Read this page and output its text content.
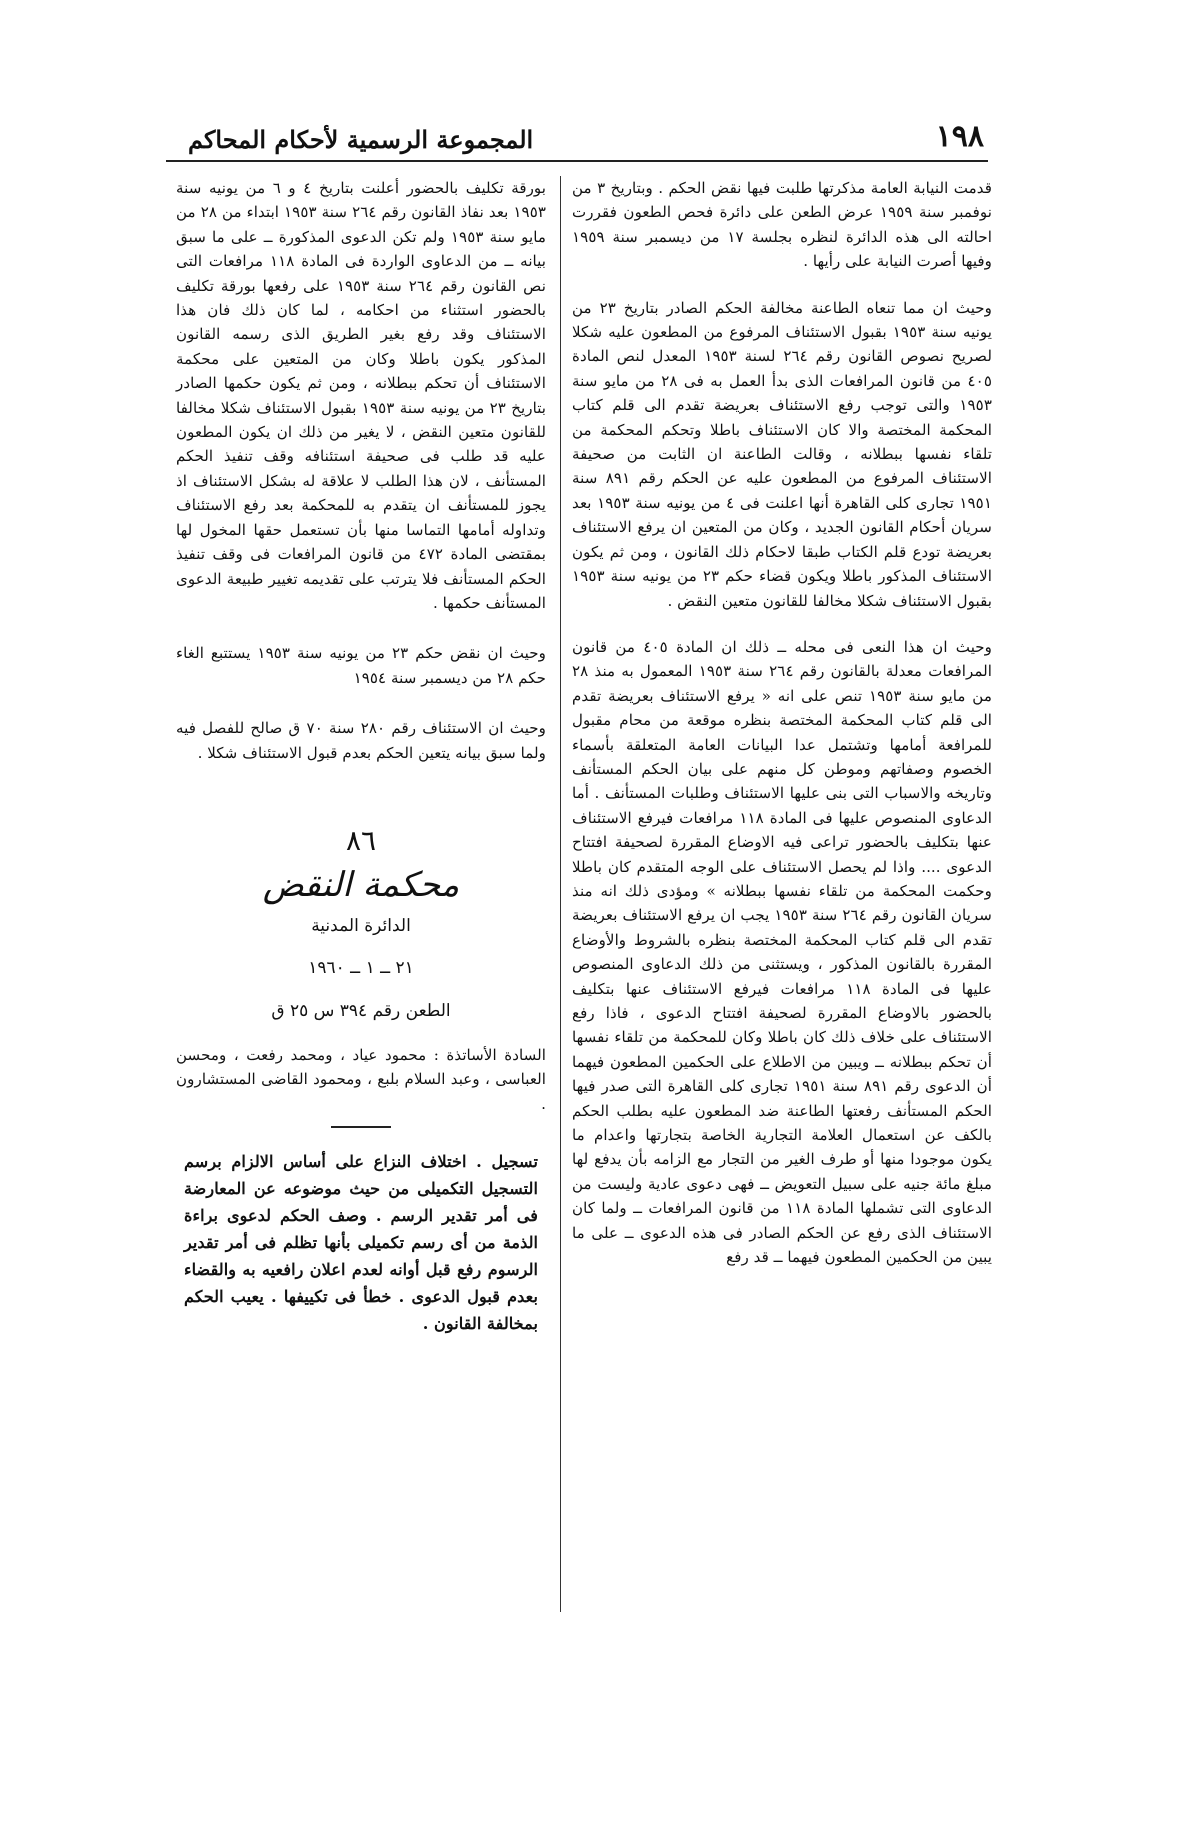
١٩٨
المجموعة الرسمية لأحكام المحاكم

قدمت النيابة العامة مذكرتها طلبت فيها نقض الحكم . وبتاريخ ٣ من نوفمبر سنة ١٩٥٩ عرض الطعن على دائرة فحص الطعون فقررت احالته الى هذه الدائرة لنظره بجلسة ١٧ من ديسمبر سنة ١٩٥٩ وفيها أصرت النيابة على رأيها .

وحيث ان مما تنعاه الطاعنة مخالفة الحكم الصادر بتاريخ ٢٣ من يونيه سنة ١٩٥٣ بقبول الاستئناف المرفوع من المطعون عليه شكلا لصريح نصوص القانون رقم ٢٦٤ لسنة ١٩٥٣ المعدل لنص المادة ٤٠٥ من قانون المرافعات الذى بدأ العمل به فى ٢٨ من مايو سنة ١٩٥٣ والتى توجب رفع الاستئناف بعريضة تقدم الى قلم كتاب المحكمة المختصة والا كان الاستئناف باطلا وتحكم المحكمة من تلقاء نفسها ببطلانه ، وقالت الطاعنة ان الثابت من صحيفة الاستئناف المرفوع من المطعون عليه عن الحكم رقم ٨٩١ سنة ١٩٥١ تجارى كلى القاهرة أنها اعلنت فى ٤ من يونيه سنة ١٩٥٣ بعد سريان أحكام القانون الجديد ، وكان من المتعين ان يرفع الاستئناف بعريضة تودع قلم الكتاب طبقا لاحكام ذلك القانون ، ومن ثم يكون الاستئناف المذكور باطلا ويكون قضاء حكم ٢٣ من يونيه سنة ١٩٥٣ بقبول الاستئناف شكلا مخالفا للقانون متعين النقض .

وحيث ان هذا النعى فى محله ــ ذلك ان المادة ٤٠٥ من قانون المرافعات معدلة بالقانون رقم ٢٦٤ سنة ١٩٥٣ المعمول به منذ ٢٨ من مايو سنة ١٩٥٣ تنص على انه « يرفع الاستئناف بعريضة تقدم الى قلم كتاب المحكمة المختصة بنظره موقعة من محام مقبول للمرافعة أمامها وتشتمل عدا البيانات العامة المتعلقة بأسماء الخصوم وصفاتهم وموطن كل منهم على بيان الحكم المستأنف وتاريخه والاسباب التى بنى عليها الاستئناف وطلبات المستأنف . أما الدعاوى المنصوص عليها فى المادة ١١٨ مرافعات فيرفع الاستئناف عنها بتكليف بالحضور تراعى فيه الاوضاع المقررة لصحيفة افتتاح الدعوى .... واذا لم يحصل الاستئناف على الوجه المتقدم كان باطلا وحكمت المحكمة من تلقاء نفسها ببطلانه » ومؤدى ذلك انه منذ سريان القانون رقم ٢٦٤ سنة ١٩٥٣ يجب ان يرفع الاستئناف بعريضة تقدم الى قلم كتاب المحكمة المختصة بنظره بالشروط والأوضاع المقررة بالقانون المذكور ، ويستثنى من ذلك الدعاوى المنصوص عليها فى المادة ١١٨ مرافعات فيرفع الاستئناف عنها بتكليف بالحضور بالاوضاع المقررة لصحيفة افتتاح الدعوى ، فاذا رفع الاستئناف على خلاف ذلك كان باطلا وكان للمحكمة من تلقاء نفسها أن تحكم ببطلانه ــ ويبين من الاطلاع على الحكمين المطعون فيهما أن الدعوى رقم ٨٩١ سنة ١٩٥١ تجارى كلى القاهرة التى صدر فيها الحكم المستأنف رفعتها الطاعنة ضد المطعون عليه بطلب الحكم بالكف عن استعمال العلامة التجارية الخاصة بتجارتها واعدام ما يكون موجودا منها أو طرف الغير من التجار مع الزامه بأن يدفع لها مبلغ مائة جنيه على سبيل التعويض ــ فهى دعوى عادية وليست من الدعاوى التى تشملها المادة ١١٨ من قانون المرافعات ــ ولما كان الاستئناف الذى رفع عن الحكم الصادر فى هذه الدعوى ــ على ما يبين من الحكمين المطعون فيهما ــ قد رفع

بورقة تكليف بالحضور أعلنت بتاريخ ٤ و ٦ من يونيه سنة ١٩٥٣ بعد نفاذ القانون رقم ٢٦٤ سنة ١٩٥٣ ابتداء من ٢٨ من مايو سنة ١٩٥٣ ولم تكن الدعوى المذكورة ــ على ما سبق بيانه ــ من الدعاوى الواردة فى المادة ١١٨ مرافعات التى نص القانون رقم ٢٦٤ سنة ١٩٥٣ على رفعها بورقة تكليف بالحضور استثناء من احكامه ، لما كان ذلك فان هذا الاستئناف وقد رفع بغير الطريق الذى رسمه القانون المذكور يكون باطلا وكان من المتعين على محكمة الاستئناف أن تحكم ببطلانه ، ومن ثم يكون حكمها الصادر بتاريخ ٢٣ من يونيه سنة ١٩٥٣ بقبول الاستئناف شكلا مخالفا للقانون متعين النقض ، لا يغير من ذلك ان يكون المطعون عليه قد طلب فى صحيفة استئنافه وقف تنفيذ الحكم المستأنف ، لان هذا الطلب لا علاقة له بشكل الاستئناف اذ يجوز للمستأنف ان يتقدم به للمحكمة بعد رفع الاستئناف وتداوله أمامها التماسا منها بأن تستعمل حقها المخول لها بمقتضى المادة ٤٧٢ من قانون المرافعات فى وقف تنفيذ الحكم المستأنف فلا يترتب على تقديمه تغيير طبيعة الدعوى المستأنف حكمها .

وحيث ان نقض حكم ٢٣ من يونيه سنة ١٩٥٣ يستتبع الغاء حكم ٢٨ من ديسمبر سنة ١٩٥٤

وحيث ان الاستئناف رقم ٢٨٠ سنة ٧٠ ق صالح للفصل فيه ولما سبق بيانه يتعين الحكم بعدم قبول الاستئناف شكلا .

٨٦
محكمة النقض
الدائرة المدنية
٢١ ــ ١ ــ ١٩٦٠
الطعن رقم ٣٩٤ س ٢٥ ق

السادة الأساتذة : محمود عياد ، ومحمد رفعت ، ومحسن العباسى ، وعبد السلام بلبع ، ومحمود القاضى المستشارون .

تسجيل . اختلاف النزاع على أساس الالزام برسم التسجيل التكميلى من حيث موضوعه عن المعارضة فى أمر تقدير الرسم . وصف الحكم لدعوى براءة الذمة من أى رسم تكميلى بأنها تظلم فى أمر تقدير الرسوم رفع قبل أوانه لعدم اعلان رافعيه به والقضاء بعدم قبول الدعوى . خطأ فى تكييفها . يعيب الحكم بمخالفة القانون .
